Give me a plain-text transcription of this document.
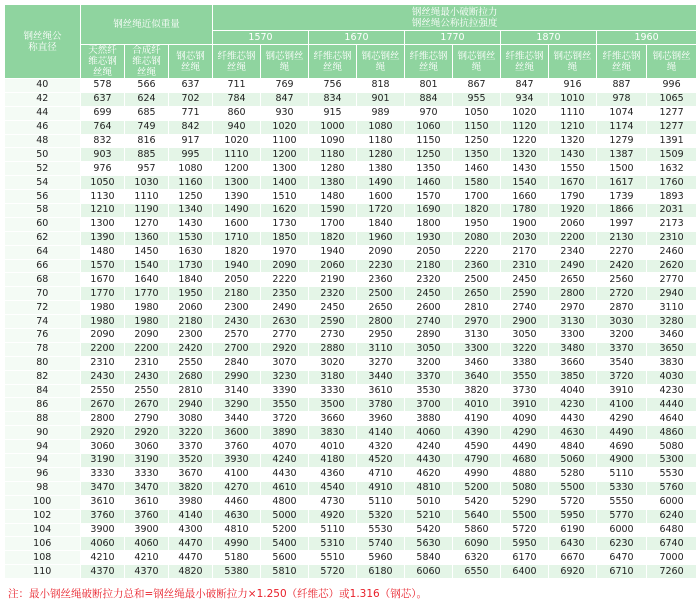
钢丝绳公称直径	钢丝绳近似重量			钢丝绳最小破断拉力
钢丝绳公称抗拉强度									

				1570		1670		1770		1870		1960	
	天然纤维芯钢丝绳	合成纤维芯钢丝绳	钢芯钢丝绳	纤维芯钢丝绳	钢芯钢丝绳	纤维芯钢丝绳	钢芯钢丝绳	纤维芯钢丝绳	钢芯钢丝绳	纤维芯钢丝绳	钢芯钢丝绳	纤维芯钢丝绳	钢芯钢丝绳
40	578	566	637	711	769	756	818	801	867	847	916	887	996
42	637	624	702	784	847	834	901	884	955	934	1010	978	1065
44	699	685	771	860	930	915	989	970	1050	1020	1110	1074	1277
46	764	749	842	940	1020	1000	1080	1060	1150	1120	1210	1174	1277
48	832	816	917	1020	1100	1090	1180	1150	1250	1220	1320	1279	1391
50	903	885	995	1110	1200	1180	1280	1250	1350	1320	1430	1387	1509
52	976	957	1080	1200	1300	1280	1380	1350	1460	1430	1550	1500	1632
54	1050	1030	1160	1300	1400	1380	1490	1460	1580	1540	1670	1617	1760
56	1130	1110	1250	1390	1510	1480	1600	1570	1700	1660	1790	1739	1893
58	1210	1190	1340	1490	1620	1590	1720	1690	1820	1780	1920	1866	2031
60	1300	1270	1430	1600	1730	1700	1840	1800	1950	1900	2060	1997	2173
62	1390	1360	1530	1710	1850	1820	1960	1930	2080	2030	2200	2130	2310
64	1480	1450	1630	1820	1970	1940	2090	2050	2220	2170	2340	2270	2460
66	1570	1540	1730	1940	2090	2060	2230	2180	2360	2310	2490	2420	2620
68	1670	1640	1840	2050	2220	2190	2360	2320	2500	2450	2650	2560	2770
70	1770	1770	1950	2180	2350	2320	2500	2450	2650	2590	2800	2720	2940
72	1980	1980	2060	2300	2490	2450	2650	2600	2810	2740	2970	2870	3110
74	1980	1980	2180	2430	2630	2590	2800	2740	2970	2900	3130	3030	3280
76	2090	2090	2300	2570	2770	2730	2950	2890	3130	3050	3300	3200	3460
78	2200	2200	2420	2700	2920	2880	3110	3050	3300	3220	3480	3370	3650
80	2310	2310	2550	2840	3070	3020	3270	3200	3460	3380	3660	3540	3830
82	2430	2430	2680	2990	3230	3180	3440	3370	3640	3550	3850	3720	4030
84	2550	2550	2810	3140	3390	3330	3610	3530	3820	3730	4040	3910	4230
86	2670	2670	2940	3290	3550	3500	3780	3700	4010	3910	4230	4100	4440
88	2800	2790	3080	3440	3720	3660	3960	3880	4190	4090	4430	4290	4640
90	2920	2920	3220	3600	3890	3830	4140	4060	4390	4290	4630	4490	4860
94	3060	3060	3370	3760	4070	4010	4320	4240	4590	4490	4840	4690	5080
94	3190	3190	3520	3930	4240	4180	4520	4430	4790	4680	5060	4900	5300
96	3330	3330	3670	4100	4430	4360	4710	4620	4990	4880	5280	5110	5530
98	3470	3470	3820	4270	4610	4540	4910	4810	5200	5080	5500	5330	5760
100	3610	3610	3980	4460	4800	4730	5110	5010	5420	5290	5720	5550	6000
102	3760	3760	4140	4630	5000	4920	5320	5210	5640	5500	5950	5770	6240
104	3900	3900	4300	4810	5200	5110	5530	5420	5860	5720	6190	6000	6480
106	4060	4060	4470	4990	5400	5310	5740	5630	6090	5950	6430	6230	6740
108	4210	4210	4470	5180	5600	5510	5960	5840	6320	6170	6670	6470	7000
110	4370	4370	4820	5380	5810	5720	6180	6060	6550	6400	6920	6710	7260
注：最小钢丝绳破断拉力总和=钢丝绳最小破断拉力×1.250（纤维芯）或1.316（钢芯）。
